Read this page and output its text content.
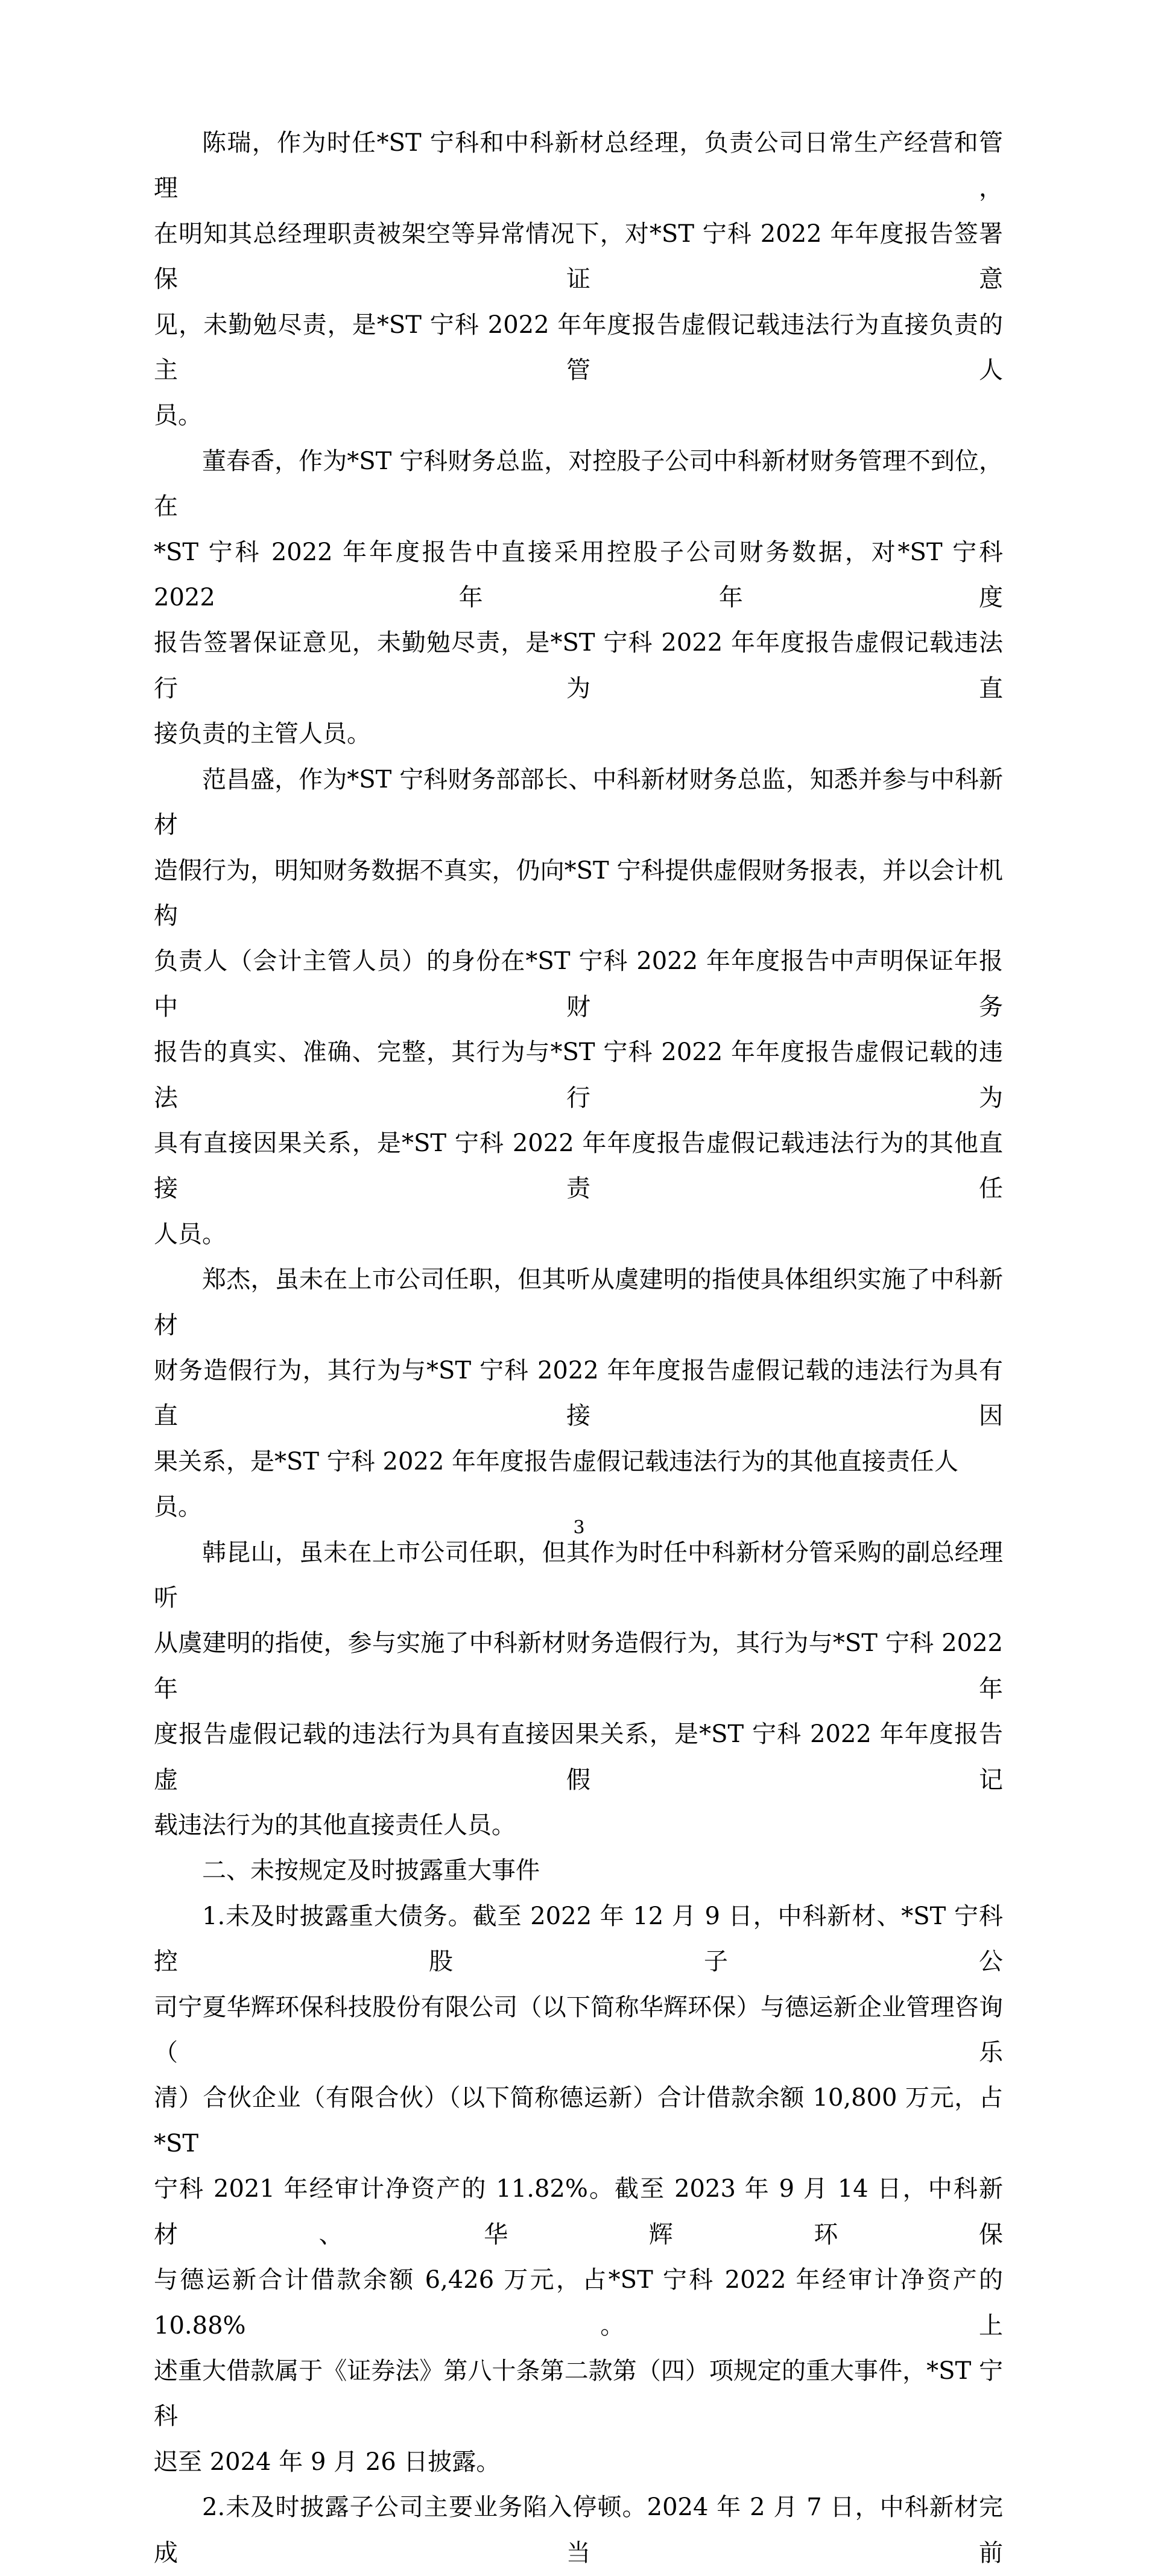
陈瑞，作为时任*ST 宁科和中科新材总经理，负责公司日常生产经营和管理，
在明知其总经理职责被架空等异常情况下，对*ST 宁科 2022 年年度报告签署保证意
见，未勤勉尽责，是*ST 宁科 2022 年年度报告虚假记载违法行为直接负责的主管人
员。
董春香，作为*ST 宁科财务总监，对控股子公司中科新材财务管理不到位，在
*ST 宁科 2022 年年度报告中直接采用控股子公司财务数据，对*ST 宁科 2022 年年度
报告签署保证意见，未勤勉尽责，是*ST 宁科 2022 年年度报告虚假记载违法行为直
接负责的主管人员。
范昌盛，作为*ST 宁科财务部部长、中科新材财务总监，知悉并参与中科新材
造假行为，明知财务数据不真实，仍向*ST 宁科提供虚假财务报表，并以会计机构
负责人（会计主管人员）的身份在*ST 宁科 2022 年年度报告中声明保证年报中财务
报告的真实、准确、完整，其行为与*ST 宁科 2022 年年度报告虚假记载的违法行为
具有直接因果关系，是*ST 宁科 2022 年年度报告虚假记载违法行为的其他直接责任
人员。
郑杰，虽未在上市公司任职，但其听从虞建明的指使具体组织实施了中科新材
财务造假行为，其行为与*ST 宁科 2022 年年度报告虚假记载的违法行为具有直接因
果关系，是*ST 宁科 2022 年年度报告虚假记载违法行为的其他直接责任人员。
韩昆山，虽未在上市公司任职，但其作为时任中科新材分管采购的副总经理听
从虞建明的指使，参与实施了中科新材财务造假行为，其行为与*ST 宁科 2022 年年
度报告虚假记载的违法行为具有直接因果关系，是*ST 宁科 2022 年年度报告虚假记
载违法行为的其他直接责任人员。
二、未按规定及时披露重大事件
1.未及时披露重大债务。截至 2022 年 12 月 9 日，中科新材、*ST 宁科控股子公
司宁夏华辉环保科技股份有限公司（以下简称华辉环保）与德运新企业管理咨询（乐
清）合伙企业（有限合伙）（以下简称德运新）合计借款余额 10,800 万元，占*ST
宁科 2021 年经审计净资产的 11.82%。截至 2023 年 9 月 14 日，中科新材、华辉环保
与德运新合计借款余额 6,426 万元，占*ST 宁科 2022 年经审计净资产的 10.88%。上
述重大借款属于《证券法》第八十条第二款第（四）项规定的重大事件，*ST 宁科
迟至 2024 年 9 月 26 日披露。
2.未及时披露子公司主要业务陷入停顿。2024 年 2 月 7 日，中科新材完成当前
3
